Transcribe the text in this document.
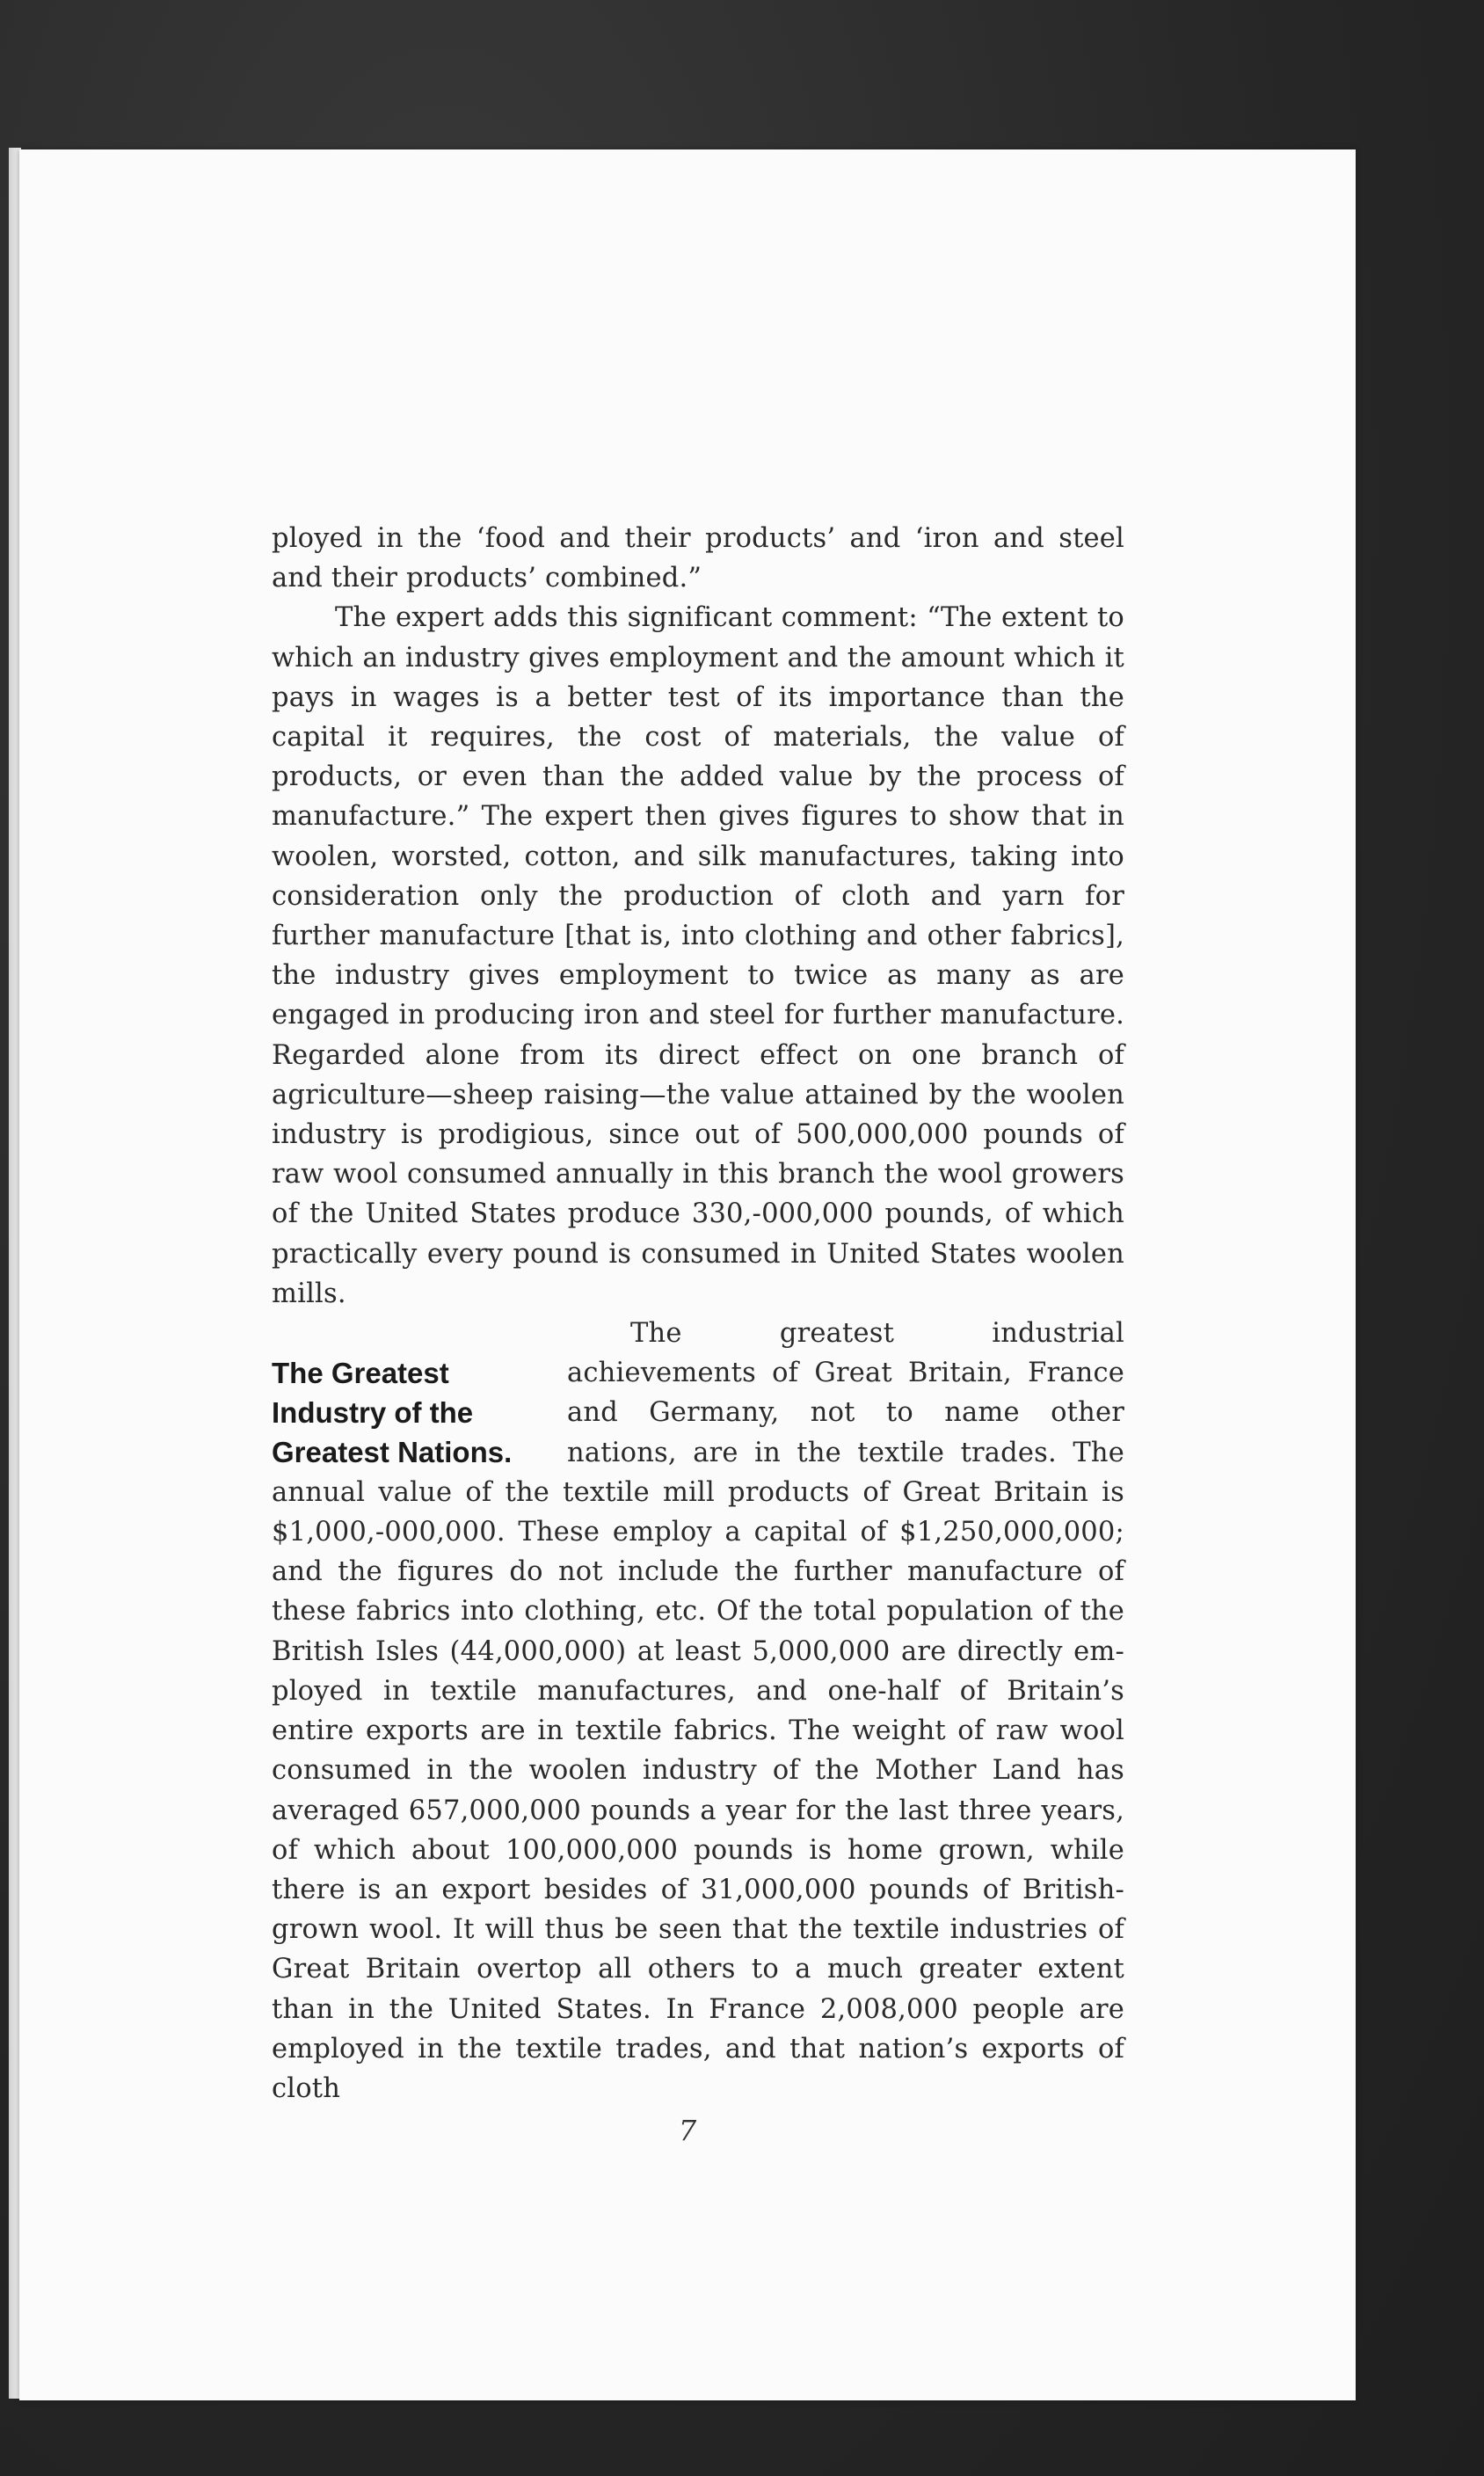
ployed in the ‘food and their products’ and ‘iron and steel and their products’ combined.”

The expert adds this significant comment: “The extent to which an industry gives employment and the amount which it pays in wages is a better test of its importance than the capital it requires, the cost of materials, the value of products, or even than the added value by the process of manufacture.” The expert then gives figures to show that in woolen, worsted, cotton, and silk manufactures, taking into consideration only the production of cloth and yarn for further manufacture [that is, into clothing and other fabrics], the industry gives employment to twice as many as are engaged in producing iron and steel for further manufacture. Regarded alone from its direct effect on one branch of agriculture—sheep raising—the value attained by the woolen industry is prodigious, since out of 500,000,000 pounds of raw wool consumed annually in this branch the wool growers of the United States produce 330,-000,000 pounds, of which practically every pound is consumed in United States woolen mills.

The Greatest
Industry of the
Greatest Nations.

The greatest industrial achievements of Great Britain, France and Germany, not to name other nations, are in the textile trades. The annual value of the textile mill products of Great Britain is $1,000,-000,000. These employ a capital of $1,250,000,000; and the figures do not include the further manufacture of these fabrics into clothing, etc. Of the total population of the British Isles (44,000,000) at least 5,000,000 are directly em-ployed in textile manufactures, and one-half of Britain’s entire exports are in textile fabrics. The weight of raw wool consumed in the woolen industry of the Mother Land has averaged 657,000,000 pounds a year for the last three years, of which about 100,000,000 pounds is home grown, while there is an export besides of 31,000,000 pounds of British-grown wool. It will thus be seen that the textile industries of Great Britain overtop all others to a much greater extent than in the United States. In France 2,008,000 people are employed in the textile trades, and that nation’s exports of cloth

7
